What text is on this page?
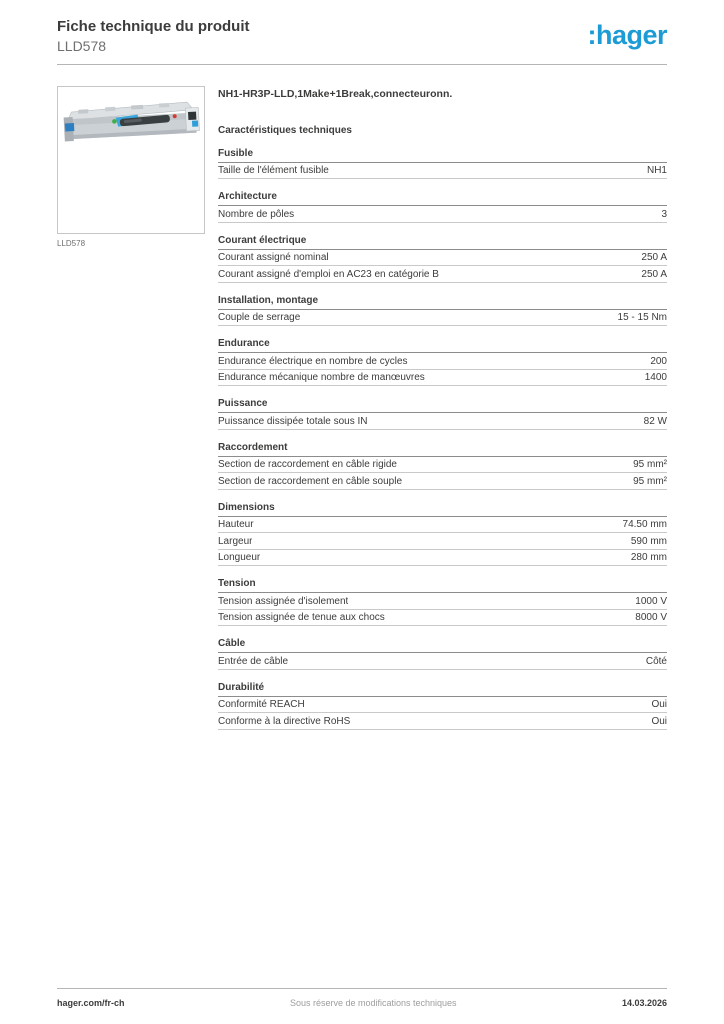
Fiche technique du produit
LLD578	:hager
LLD578
NH1-HR3P-LLD,1Make+1Break,connecteuronn.
Caractéristiques techniques
Fusible
Taille de l'élément fusible	NH1
Architecture
Nombre de pôles	3
Courant électrique
Courant assigné nominal	250 A
Courant assigné d'emploi en AC23 en catégorie B	250 A
Installation, montage
Couple de serrage	15 - 15 Nm
Endurance
Endurance électrique en nombre de cycles	200
Endurance mécanique nombre de manœuvres	1400
Puissance
Puissance dissipée totale sous IN	82 W
Raccordement
Section de raccordement en câble rigide	95 mm²
Section de raccordement en câble souple	95 mm²
Dimensions
Hauteur	74.50 mm
Largeur	590 mm
Longueur	280 mm
Tension
Tension assignée d'isolement	1000 V
Tension assignée de tenue aux chocs	8000 V
Câble
Entrée de câble	Côté
Durabilité
Conformité REACH	Oui
Conforme à la directive RoHS	Oui
hager.com/fr-ch	Sous réserve de modifications techniques	14.03.2026
